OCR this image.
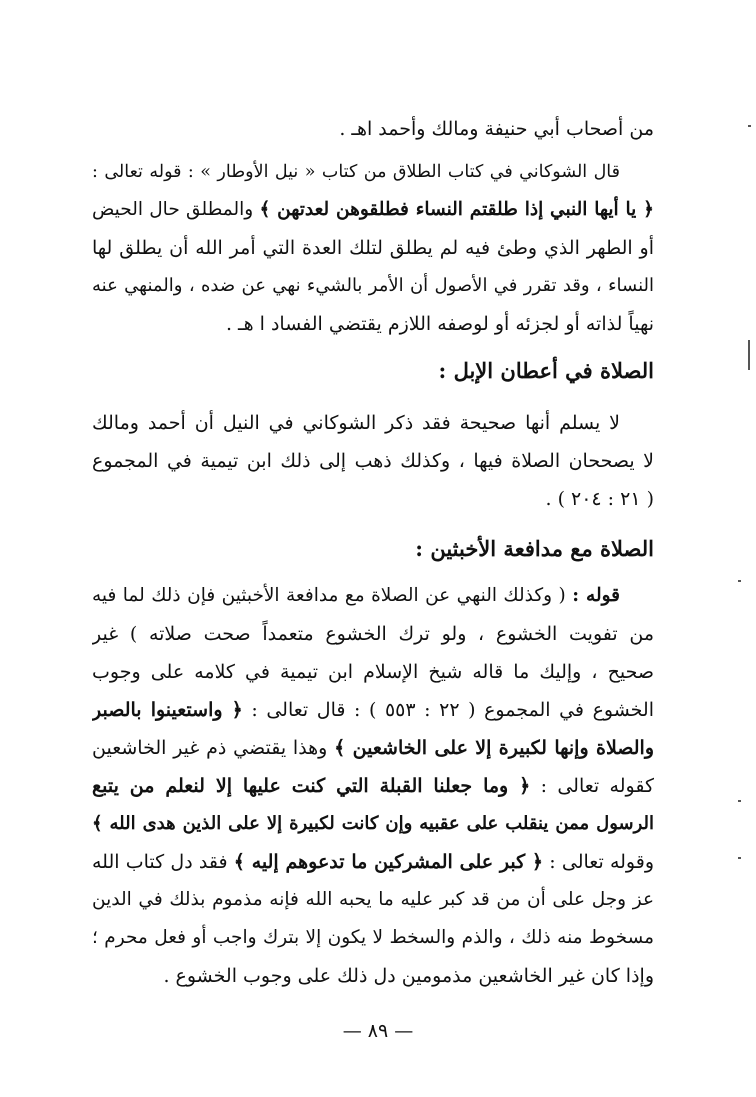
من أصحاب أبي حنيفة ومالك وأحمد اهـ .
قال الشوكاني في كتاب الطلاق من كتاب « نيل الأوطار » : قوله تعالى :
﴿ يا أيها النبي إذا طلقتم النساء فطلقوهن لعدتهن ﴾ والمطلق حال الحيض
أو الطهر الذي وطئ فيه لم يطلق لتلك العدة التي أمر الله أن يطلق لها
النساء ، وقد تقرر في الأصول أن الأمر بالشيء نهي عن ضده ، والمنهي عنه
نهياً لذاته أو لجزئه أو لوصفه اللازم يقتضي الفساد ا هـ .
الصلاة في أعطان الإبل :
لا يسلم أنها صحيحة فقد ذكر الشوكاني في النيل أن أحمد ومالك
لا يصححان الصلاة فيها ، وكذلك ذهب إلى ذلك ابن تيمية في المجموع
( ٢١ : ٢٠٤ ) .
الصلاة مع مدافعة الأخبثين :
قوله : ( وكذلك النهي عن الصلاة مع مدافعة الأخبثين فإن ذلك لما فيه
من تفويت الخشوع ، ولو ترك الخشوع متعمداً صحت صلاته ) غير
صحيح ، وإليك ما قاله شيخ الإسلام ابن تيمية في كلامه على وجوب
الخشوع في المجموع ( ٢٢ : ٥٥٣ ) : قال تعالى : ﴿ واستعينوا بالصبر
والصلاة وإنها لكبيرة إلا على الخاشعين ﴾ وهذا يقتضي ذم غير الخاشعين
كقوله تعالى : ﴿ وما جعلنا القبلة التي كنت عليها إلا لنعلم من يتبع
الرسول ممن ينقلب على عقبيه وإن كانت لكبيرة إلا على الذين هدى الله ﴾
وقوله تعالى : ﴿ كبر على المشركين ما تدعوهم إليه ﴾ فقد دل كتاب الله
عز وجل على أن من قد كبر عليه ما يحبه الله فإنه مذموم بذلك في الدين
مسخوط منه ذلك ، والذم والسخط لا يكون إلا بترك واجب أو فعل محرم ؛
وإذا كان غير الخاشعين مذمومين دل ذلك على وجوب الخشوع .
— ٨٩ —
